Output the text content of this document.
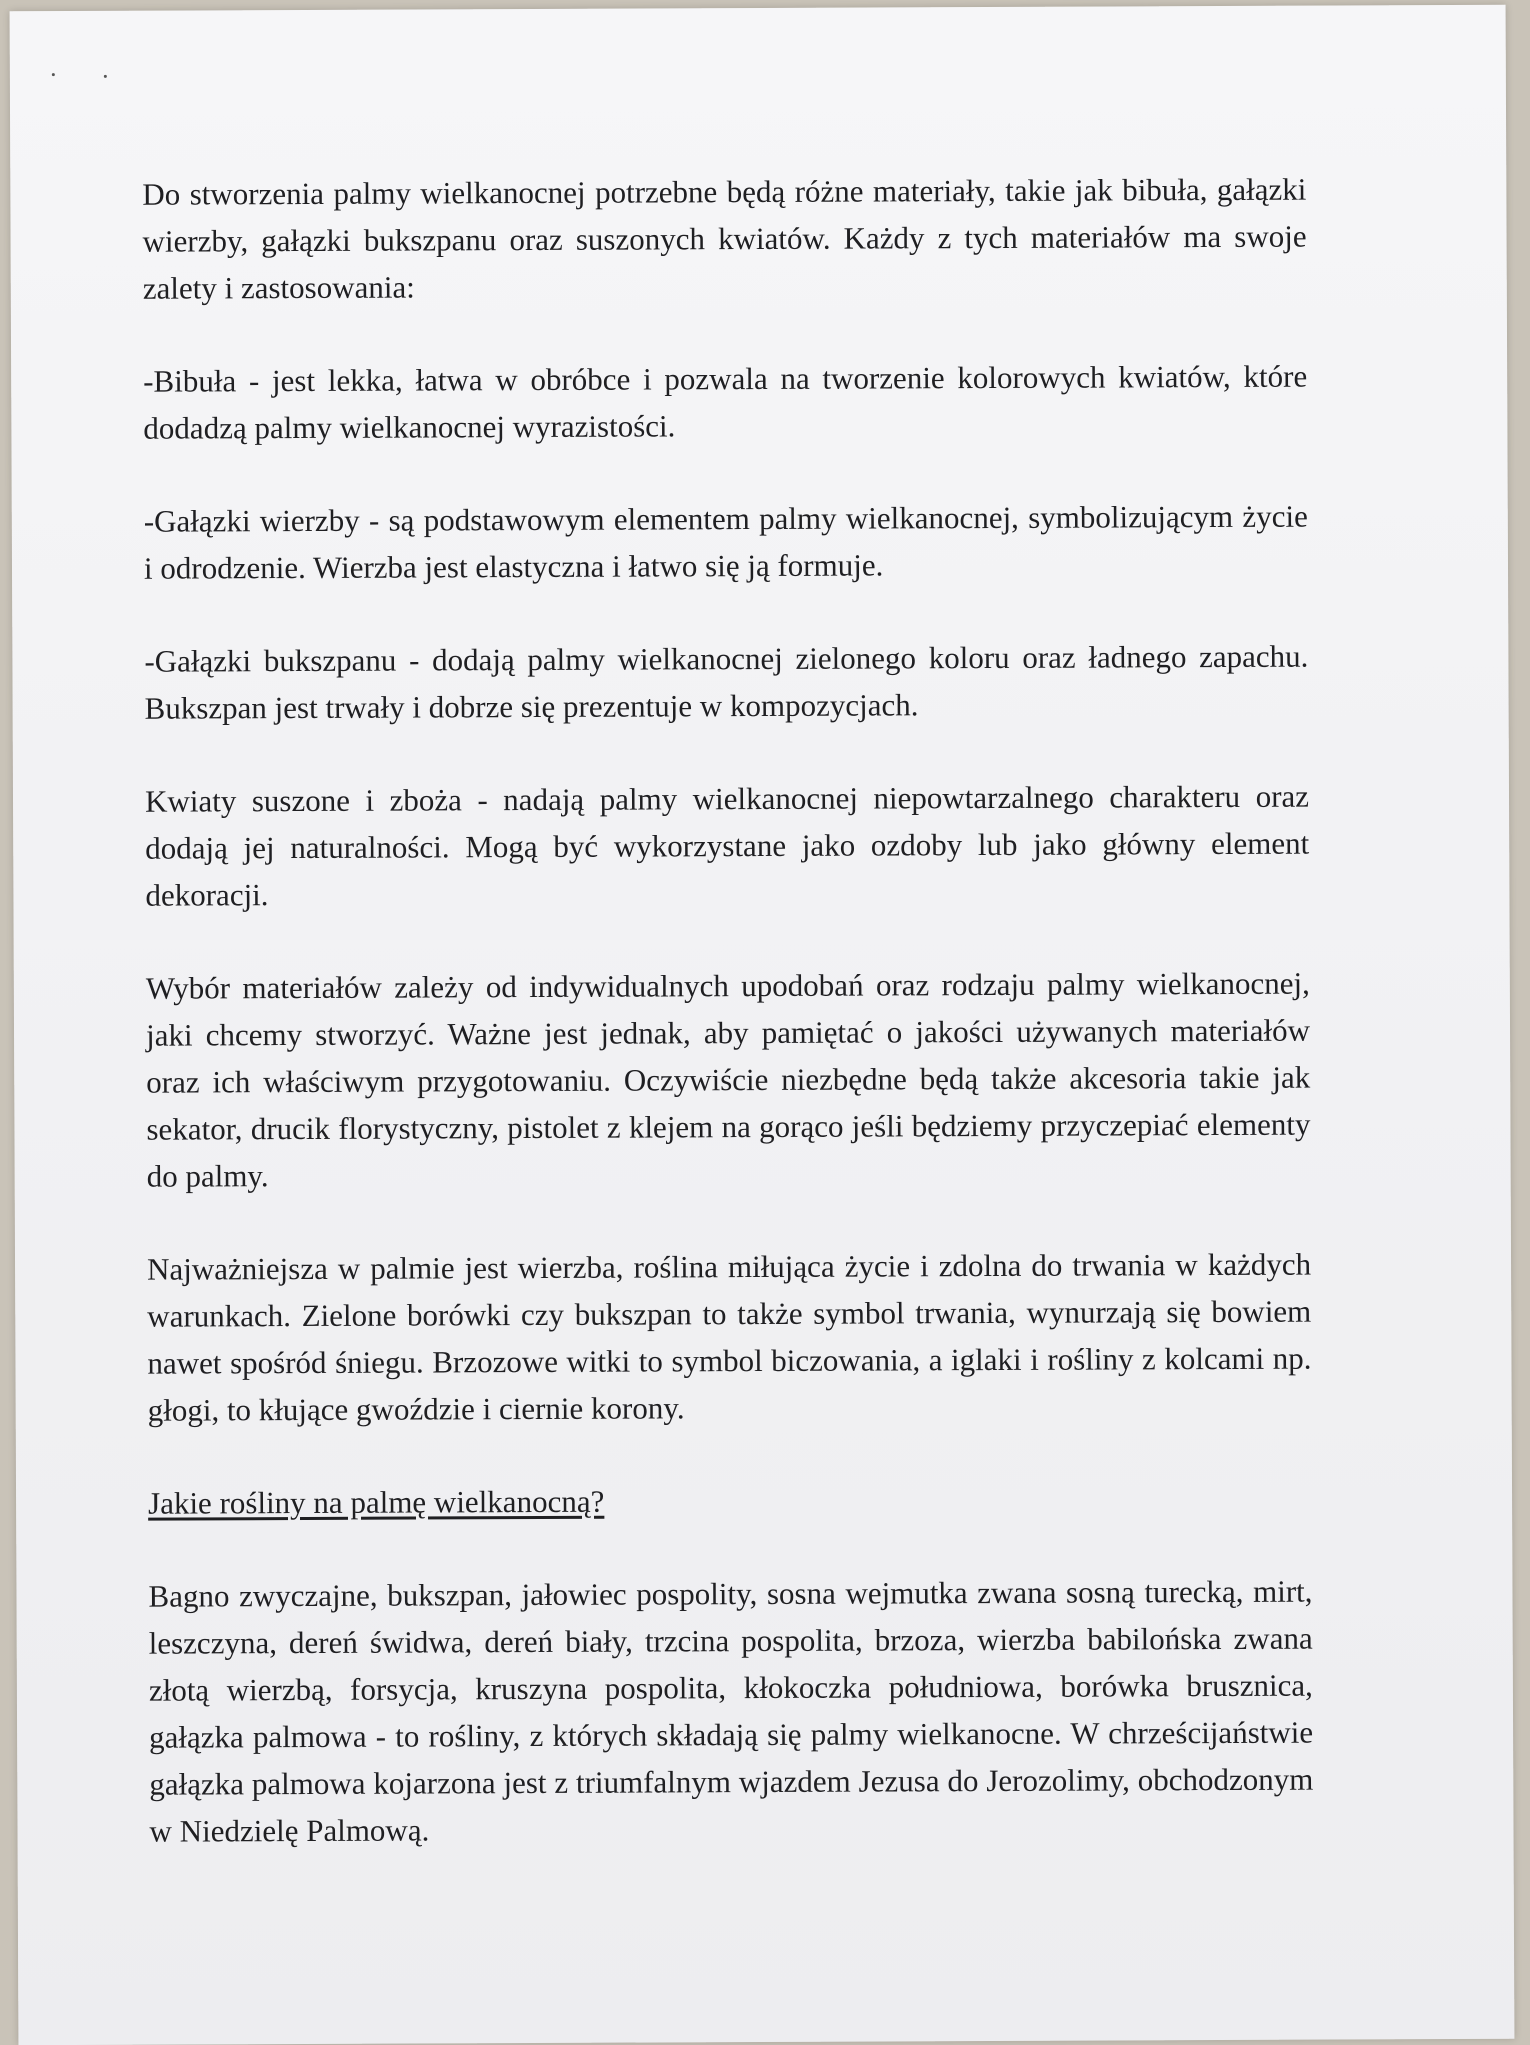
Do stworzenia palmy wielkanocnej potrzebne będą różne materiały, takie jak bibuła, gałązki wierzby, gałązki bukszpanu oraz suszonych kwiatów. Każdy z tych materiałów ma swoje zalety i zastosowania:

-Bibuła - jest lekka, łatwa w obróbce i pozwala na tworzenie kolorowych kwiatów, które dodadzą palmy wielkanocnej wyrazistości.

-Gałązki wierzby - są podstawowym elementem palmy wielkanocnej, symbolizującym życie i odrodzenie. Wierzba jest elastyczna i łatwo się ją formuje.

-Gałązki bukszpanu - dodają palmy wielkanocnej zielonego koloru oraz ładnego zapachu. Bukszpan jest trwały i dobrze się prezentuje w kompozycjach.

Kwiaty suszone i zboża - nadają palmy wielkanocnej niepowtarzalnego charakteru oraz dodają jej naturalności. Mogą być wykorzystane jako ozdoby lub jako główny element dekoracji.

Wybór materiałów zależy od indywidualnych upodobań oraz rodzaju palmy wielkanocnej, jaki chcemy stworzyć. Ważne jest jednak, aby pamiętać o jakości używanych materiałów oraz ich właściwym przygotowaniu. Oczywiście niezbędne będą także akcesoria takie jak sekator, drucik florystyczny, pistolet z klejem na gorąco jeśli będziemy przyczepiać elementy do palmy.

Najważniejsza w palmie jest wierzba, roślina miłująca życie i zdolna do trwania w każdych warunkach. Zielone borówki czy bukszpan to także symbol trwania, wynurzają się bowiem nawet spośród śniegu. Brzozowe witki to symbol biczowania, a iglaki i rośliny z kolcami np. głogi, to kłujące gwoździe i ciernie korony.

Jakie rośliny na palmę wielkanocną?

Bagno zwyczajne, bukszpan, jałowiec pospolity, sosna wejmutka zwana sosną turecką, mirt, leszczyna, dereń świdwa, dereń biały, trzcina pospolita, brzoza, wierzba babilońska zwana złotą wierzbą, forsycja, kruszyna pospolita, kłokoczka południowa, borówka brusznica, gałązka palmowa - to rośliny, z których składają się palmy wielkanocne. W chrześcijaństwie gałązka palmowa kojarzona jest z triumfalnym wjazdem Jezusa do Jerozolimy, obchodzonym w Niedzielę Palmową.
